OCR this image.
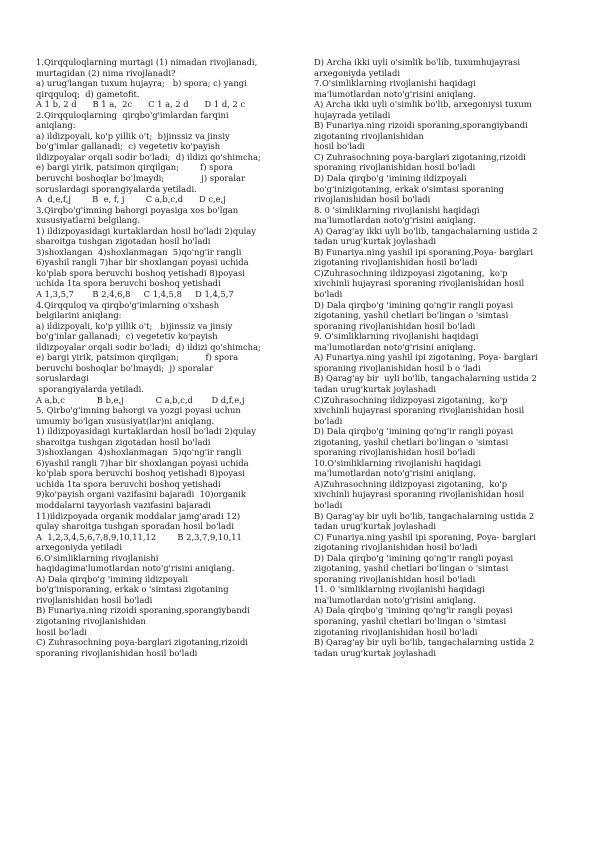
1.Qirqquloqlarning murtagi (1) nimadan rivojlanadi,
murtagidan (2) nima rivojlanadi?
a) urug'langan tuxum hujayra;   b) spora; c) yangi
qirqquloq;  d) gametofit.
A 1 b, 2 d      B 1 a,  2c      C 1 a, 2 d      D 1 d, 2 c
2.Qirqquloqlarning  qirqbo'g'imlardan farqini
aniqlang:
a) ildizpoyali, ko'p yillik o't;  b)jinssiz va jinsiy
bo'g'imlar gallanadi;  c) vegetetiv ko'payish
ildizpoyalar orqali sodir bo'ladi;  d) ildizi qo'shimcha;
e) bargi yirik, patsimon qirqilgan;        f) spora
beruvchi boshoqlar bo'lmaydi;              j) sporalar
soruslardagi sporangiyalarda yetiladi.
A  d,e,f,j        B  e, f, j        C a,b,c,d      D c,e,j
3.Qirqbo'g'imning bahorgi poyasiga xos bo'lgan
xususiyatlarni belgilang.
1) ildizpoyasidagi kurtaklardan hosil bo'ladi 2)qulay
sharoitga tushgan zigotadan hosil bo'ladi
3)shoxlangan  4)shoxlanmagan  5)qo'ng'ir rangli
6)yashil rangli 7)har bir shoxlangan poyasi uchida
ko'plab spora beruvchi boshoq yetishadi 8)poyasi
uchida 1ta spora beruvchi boshoq yetishadi
A 1,3,5,7       B 2,4,6,8     C 1,4,5,8     D 1,4,5,7
4.Qirqquloq va qirqbo'g'imlarning o'xshash
belgilarini aniqlang:
a) ildizpoyali, ko'p yillik o't;   b)jinssiz va jinsiy
bo'g'inlar gallanadi;  c) vegetetiv ko'payish
ildizpoyalar orqali sodir bo'ladi;  d) ildizi qo'shimcha;
e) bargi yirik, patsimon qirqilgan;          f) spora
beruvchi boshoqlar bo'lmaydi;  j) sporalar
soruslardagi
sporangiyalarda yetiladi.
A a,b,c            B b,e,j            C a,b,c,d       D d,f,e,j
5. Qirbo'g'imning bahorgi va yozgi poyasi uchun
umumiy bo'lgan xususiyat(lar)ni aniqlang.
1) ildizpoyasidagi kurtaklardan hosil bo'ladi 2)qulay
sharoitga tushgan zigotadan hosil bo'ladi
3)shoxlangan  4)shoxlanmagan  5)qo'ng'ir rangli
6)yashil rangli 7)har bir shoxlangan poyasi uchida
ko'plab spora beruvchi boshoq yetishadi 8)poyasi
uchida 1ta spora beruvchi boshoq yetishadi
9)ko'payish organi vazifasini bajaradi  10)organik
moddalarni tayyorlash vazifasini bajaradi
11)ildizpoyada organik moddalar jamg'aradi 12)
qulay sharoitga tushgan sporadan hosil bo'ladi
A  1,2,3,4,5,6,7,8,9,10,11,12        B 2,3,7,9,10,11
arxegoniyda yetiladi
6.O'simliklarning rivojlanishi
haqidagima'lumotlardan noto'g'risini aniqlang.
A) Dala qirqbo'g 'imining ildizpoyali
bo'g'inisporaning, erkak o 'simtasi zigotaning
rivojlanishidan hosil bo'ladi
B) Funariya.ning rizoidi sporaning,sporangiybandi
zigotaning rivojlanishidan
hosil bo'ladi
C) Zuhrasochning poya-barglari zigotaning,rizoidi
sporaning rivojlanishidan hosil bo'ladi
D) Archa ikki uyli o'simlik bo'lib, tuxumhujayrasi
arxegoniyda yetiladi
7.O'simliklarning rivojlanishi haqidagi
ma'lumotlardan noto'g'risini aniqlang.
A) Archa ikki uyli o'simlik bo'lib, arxegoniysi tuxum
hujayrada yetiladi
B) Funariya.ning rizoidi sporaning,sporangiybandi
zigotaning rivojlanishidan
hosil bo'ladi
C) Zuhrasochning poya-barglari zigotaning,rizoidi
sporaning rivojlanishidan hosil bo'ladi
D) Dala qirqbo'g 'imining ildizpoyali
bo'g'inizigotaning, erkak o'simtasi sporaning
rivojlanishidan hosil bo'ladi
8. 0 'simliklarning rivojlanishi haqidagi
ma'lumotlardan noto'g'risini aniqlang.
A) Qarag'ay ikki uyli bo'lib, tangachalarning ustida 2
tadan urug'kurtak joylashadi
B) Funariya.ning yashil ipi sporaning,Poya- barglari
zigotaning rivojlanishidan hosil bo'ladi
C)Zuhrasochning ildizpoyasi zigotaning,  ko'p
xivchinli hujayrasi sporaning rivojlanishidan hosil
bo'ladi
D) Dala qirqbo'g 'imining qo'ng'ir rangli poyasi
zigotaning, yashil chetlari bo'lingan o 'simtasi
sporaning rivojlanishidan hosil bo'ladi
9. O'simliklarning rivojlanishi haqidagi
ma'lumotlardan noto'g'risini aniqlang.
A) Funariya.ning yashil ipi zigotaning, Poya- barglari
sporaning rivojlanishidan hosil b o 'ladi
B) Qarag'ay bir  uyli bo'lib, tangachalarning ustida 2
tadan urug'kurtak joylashadi
C)Zuhrasochning ildizpoyasi zigotaning,  ko'p
xivchinli hujayrasi sporaning rivojlanishidan hosil
bo'ladi
D) Dala qirqbo'g 'imining qo'ng'ir rangli poyasi
zigotaning, yashil chetlari bo'lingan o 'simtasi
sporaning rivojlanishidan hosil bo'ladi
10.O'simliklarning rivojlanishi haqidagi
ma'lumotlardan noto'g'risini aniqlang.
A)Zuhrasochning ildizpoyasi zigotaning,  ko'p
xivchinli hujayrasi sporaning rivojlanishidan hosil
bo'ladi
B) Qarag'ay bir uyli bo'lib, tangachalarning ustida 2
tadan urug'kurtak joylashadi
C) Funariya.ning yashil ipi sporaning, Poya- barglari
zigotaning rivojlanishidan hosil bo'ladi
D) Dala qirqbo'g 'imining qo'ng'ir rangli poyasi
zigotaning, yashil chetlari bo'lingan o 'simtasi
sporaning rivojlanishidan hosil bo'ladi
11. 0 'simliklarning rivojlanishi haqidagi
ma'lumotlardan noto'g'risini aniqlang.
A) Dala qirqbo'g 'imining qo'ng'ir rangli poyasi
sporaning, yashil chetlari bo'lingan o 'simtasi
zigotaning rivojlanishidan hosil bo'ladi
B) Qarag'ay bir uyli bo'lib, tangachalarning ustida 2
tadan urug'kurtak joylashadi
